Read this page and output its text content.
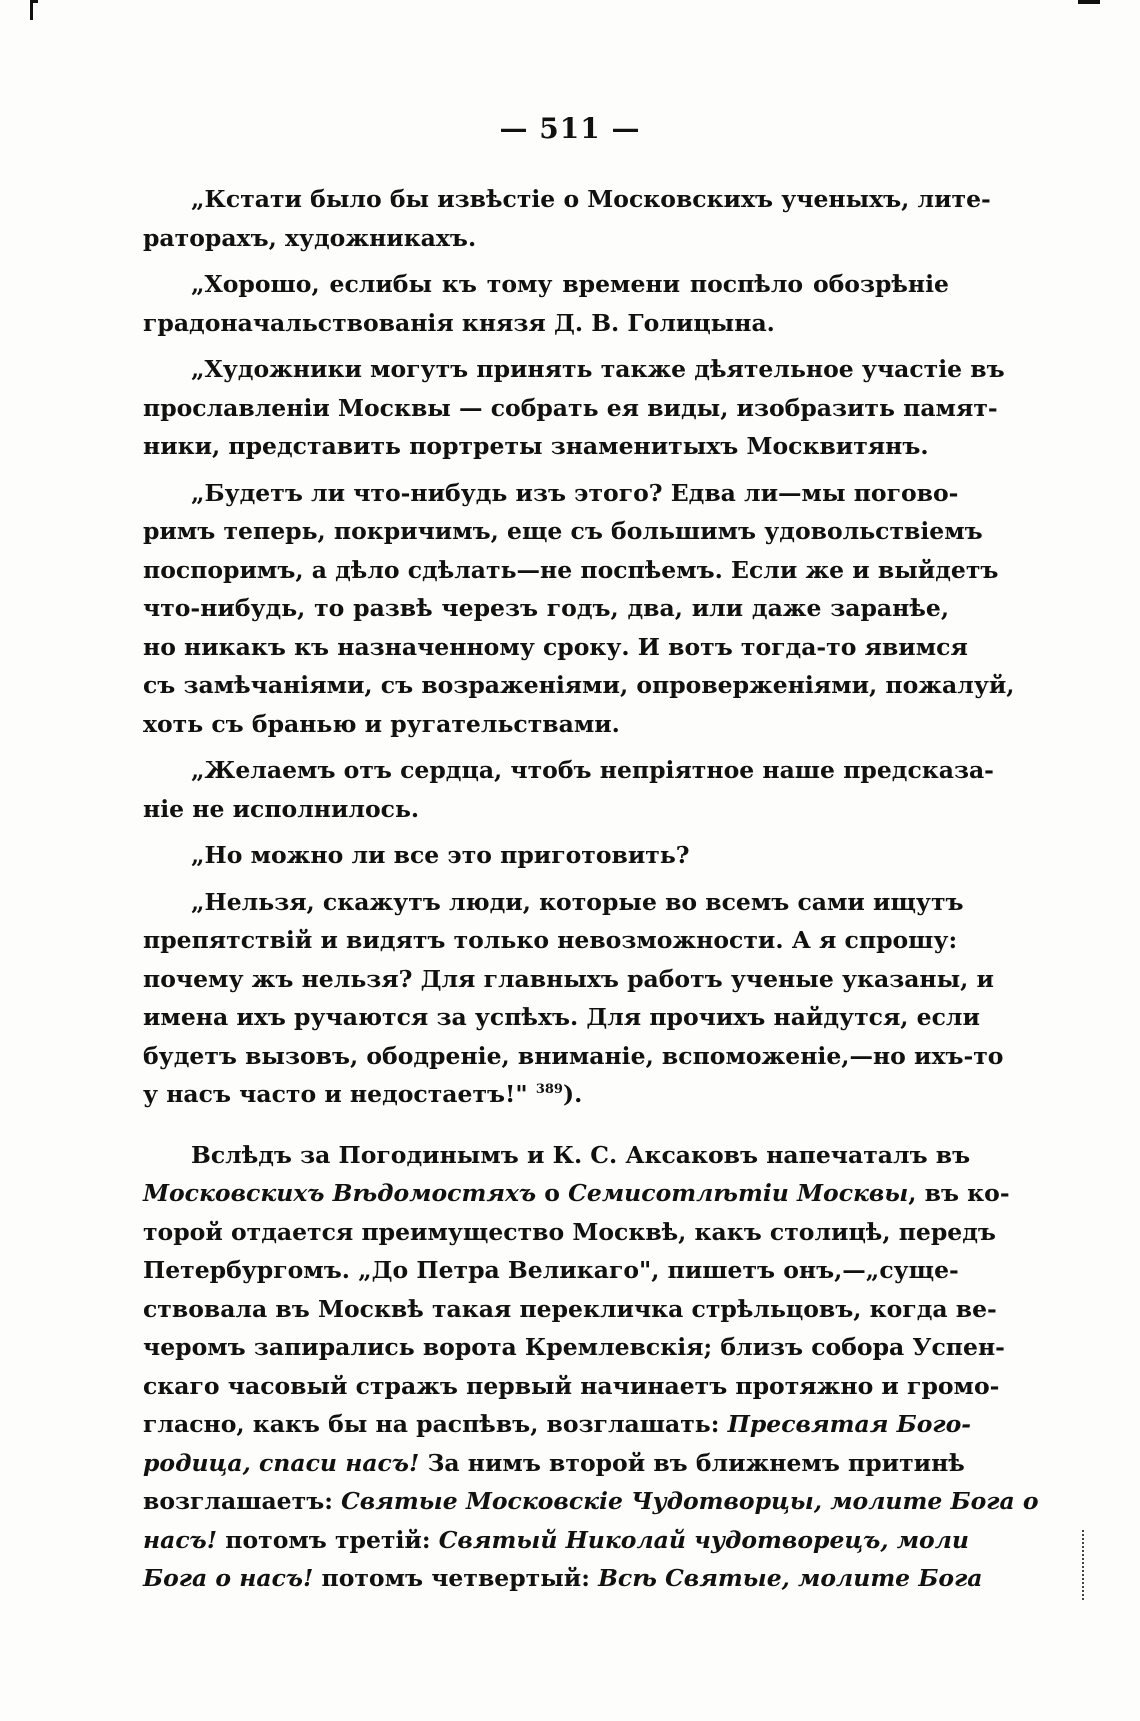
— 511 —
„Кстати было бы извѣстіе о Московскихъ ученыхъ, лите-
раторахъ, художникахъ.
„Хорошо, еслибы къ тому времени поспѣло обозрѣніе
градоначальствованія князя Д. В. Голицына.
„Художники могутъ принять также дѣятельное участіе въ
прославленіи Москвы — собрать ея виды, изобразить памят-
ники, представить портреты знаменитыхъ Москвитянъ.
„Будетъ ли что-нибудь изъ этого? Едва ли—мы погово-
римъ теперь, покричимъ, еще съ большимъ удовольствіемъ
поспоримъ, а дѣло сдѣлать—не поспѣемъ. Если же и выйдетъ
что-нибудь, то развѣ черезъ годъ, два, или даже заранѣе,
но никакъ къ назначенному сроку. И вотъ тогда-то явимся
съ замѣчаніями, съ возраженіями, опроверженіями, пожалуй,
хоть съ бранью и ругательствами.
„Желаемъ отъ сердца, чтобъ непріятное наше предсказа-
ніе не исполнилось.
„Но можно ли все это приготовить?
„Нельзя, скажутъ люди, которые во всемъ сами ищутъ
препятствій и видятъ только невозможности. А я спрошу:
почему жъ нельзя? Для главныхъ работъ ученые указаны, и
имена ихъ ручаются за успѣхъ. Для прочихъ найдутся, если
будетъ вызовъ, ободреніе, вниманіе, вспоможеніе,—но ихъ-то
у насъ часто и недостаетъ!" $^{389}$).
Вслѣдъ за Погодинымъ и К. С. Аксаковъ напечаталъ въ
Московскихъ Вѣдомостяхъ о Семисотлѣтіи Москвы, въ ко-
торой отдается преимущество Москвѣ, какъ столицѣ, передъ
Петербургомъ. „До Петра Великаго", пишетъ онъ,—„суще-
ствовала въ Москвѣ такая перекличка стрѣльцовъ, когда ве-
черомъ запирались ворота Кремлевскія; близъ собора Успен-
скаго часовый стражъ первый начинаетъ протяжно и громо-
гласно, какъ бы на распѣвъ, возглашать: Пресвятая Бого-
родица, спаси насъ! За нимъ второй въ ближнемъ притинѣ
возглашаетъ: Святые Московскіе Чудотворцы, молите Бога о
насъ! потомъ третій: Святый Николай чудотворецъ, моли
Бога о насъ! потомъ четвертый: Всѣ Святые, молите Бога
